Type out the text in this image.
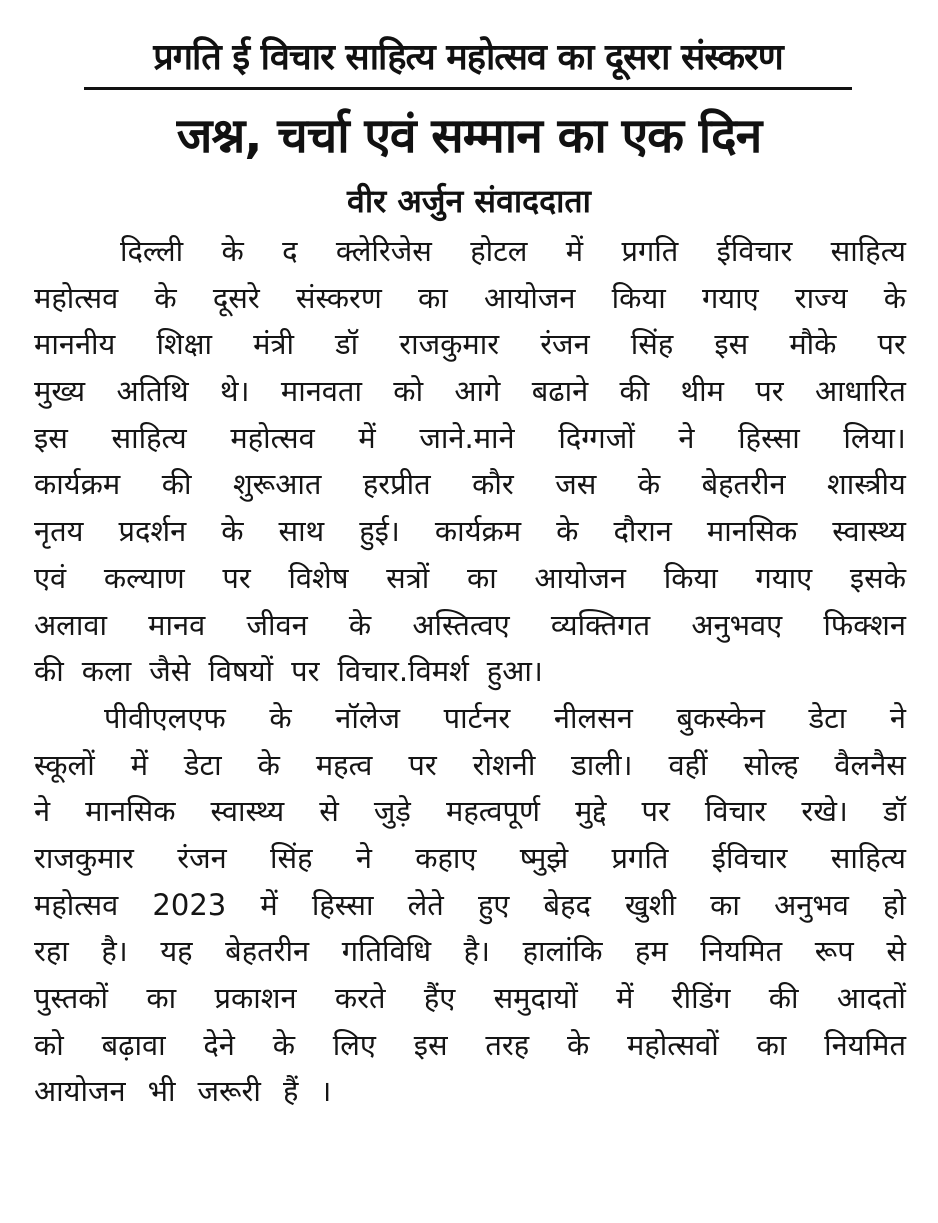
प्रगति ई विचार साहित्य महोत्सव का दूसरा संस्करण
जश्न, चर्चा एवं सम्मान का एक दिन
वीर अर्जुन संवाददाता
दिल्ली के द क्लेरिजेस होटल में प्रगति ईविचार साहित्य
महोत्सव के दूसरे संस्करण का आयोजन किया गयाए राज्य के
माननीय शिक्षा मंत्री डॉ राजकुमार रंजन सिंह इस मौके पर
मुख्य अतिथि थे। मानवता को आगे बढाने की थीम पर आधारित
इस साहित्य महोत्सव में जाने.माने दिग्गजों ने हिस्सा लिया।
कार्यक्रम की शुरूआत हरप्रीत कौर जस के बेहतरीन शास्त्रीय
नृतय प्रदर्शन के साथ हुई। कार्यक्रम के दौरान मानसिक स्वास्थ्य
एवं कल्याण पर विशेष सत्रों का आयोजन किया गयाए इसके
अलावा मानव जीवन के अस्तित्वए व्यक्तिगत अनुभवए फिक्शन
की कला जैसे विषयों पर विचार.विमर्श हुआ।
पीवीएलएफ के नॉलेज पार्टनर नीलसन बुकस्केन डेटा ने
स्कूलों में डेटा के महत्व पर रोशनी डाली। वहीं सोल्ह वैलनैस
ने मानसिक स्वास्थ्य से जुड़े महत्वपूर्ण मुद्दे पर विचार रखे। डॉ
राजकुमार रंजन सिंह ने कहाए ष्मुझे प्रगति ईविचार साहित्य
महोत्सव 2023 में हिस्सा लेते हुए बेहद खुशी का अनुभव हो
रहा है। यह बेहतरीन गतिविधि है। हालांकि हम नियमित रूप से
पुस्तकों का प्रकाशन करते हैंए समुदायों में रीडिंग की आदतों
को बढ़ावा देने के लिए इस तरह के महोत्सवों का नियमित
आयोजन भी जरूरी हैं ।
